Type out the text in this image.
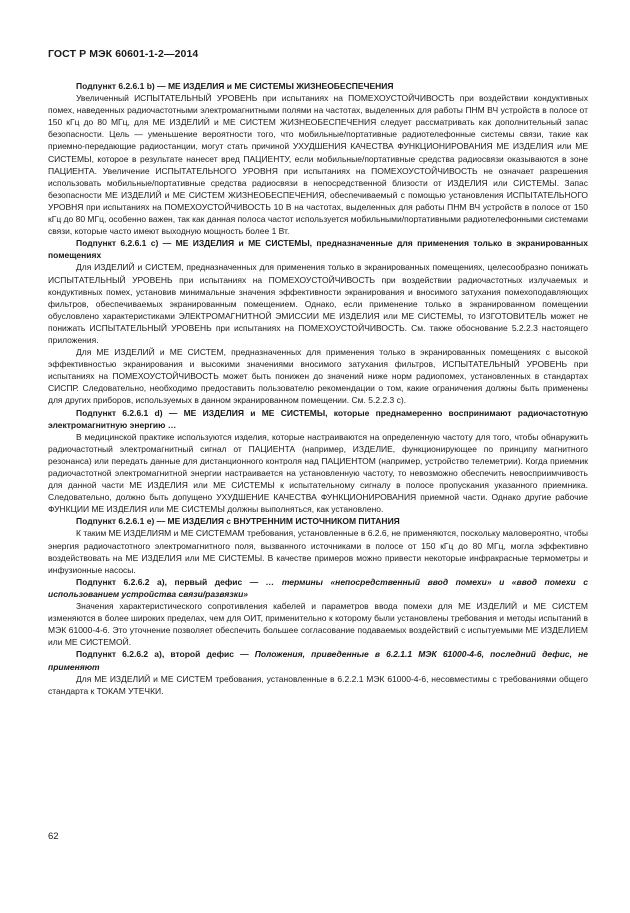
ГОСТ Р МЭК 60601-1-2—2014

Подпункт 6.2.6.1 b) — МЕ ИЗДЕЛИЯ и МЕ СИСТЕМЫ ЖИЗНЕОБЕСПЕЧЕНИЯ

Увеличенный ИСПЫТАТЕЛЬНЫЙ УРОВЕНЬ при испытаниях на ПОМЕХОУСТОЙЧИВОСТЬ при воздействии кондуктивных помех, наведенных радиочастотными электромагнитными полями на частотах, выделенных для работы ПНМ ВЧ устройств в полосе от 150 кГц до 80 МГц, для МЕ ИЗДЕЛИЙ и МЕ СИСТЕМ ЖИЗНЕОБЕСПЕЧЕНИЯ следует рассматривать как дополнительный запас безопасности. Цель — уменьшение вероятности того, что мобильные/портативные радиотелефонные системы связи, такие как приемно-передающие радиостанции, могут стать причиной УХУДШЕНИЯ КАЧЕСТВА ФУНКЦИОНИРОВАНИЯ МЕ ИЗДЕЛИЯ или МЕ СИСТЕМЫ, которое в результате нанесет вред ПАЦИЕНТУ, если мобильные/портативные средства радиосвязи оказываются в зоне ПАЦИЕНТА. Увеличение ИСПЫТАТЕЛЬНОГО УРОВНЯ при испытаниях на ПОМЕХОУСТОЙЧИВОСТЬ не означает разрешения использовать мобильные/портативные средства радиосвязи в непосредственной близости от ИЗДЕЛИЯ или СИСТЕМЫ. Запас безопасности МЕ ИЗДЕЛИЙ и МЕ СИСТЕМ ЖИЗНЕОБЕСПЕЧЕНИЯ, обеспечиваемый с помощью установления ИСПЫТАТЕЛЬНОГО УРОВНЯ при испытаниях на ПОМЕХОУСТОЙЧИВОСТЬ 10 В на частотах, выделенных для работы ПНМ ВЧ устройств в полосе от 150 кГц до 80 МГц, особенно важен, так как данная полоса частот используется мобильными/портативными радиотелефонными системами связи, которые часто имеют выходную мощность более 1 Вт.

Подпункт 6.2.6.1 с) — МЕ ИЗДЕЛИЯ и МЕ СИСТЕМЫ, предназначенные для применения только в экранированных помещениях

Для ИЗДЕЛИЙ и СИСТЕМ, предназначенных для применения только в экранированных помещениях, целесообразно понижать ИСПЫТАТЕЛЬНЫЙ УРОВЕНЬ при испытаниях на ПОМЕХОУСТОЙЧИВОСТЬ при воздействии радиочастотных излучаемых и кондуктивных помех, установив минимальные значения эффективности экранирования и вносимого затухания помехоподавляющих фильтров, обеспечиваемых экранированным помещением. Однако, если применение только в экранированном помещении обусловлено характеристиками ЭЛЕКТРОМАГНИТНОЙ ЭМИССИИ МЕ ИЗДЕЛИЯ или МЕ СИСТЕМЫ, то ИЗГОТОВИТЕЛЬ может не понижать ИСПЫТАТЕЛЬНЫЙ УРОВЕНЬ при испытаниях на ПОМЕХОУСТОЙЧИВОСТЬ. См. также обоснование 5.2.2.3 настоящего приложения.

Для МЕ ИЗДЕЛИЙ и МЕ СИСТЕМ, предназначенных для применения только в экранированных помещениях с высокой эффективностью экранирования и высокими значениями вносимого затухания фильтров, ИСПЫТАТЕЛЬНЫЙ УРОВЕНЬ при испытаниях на ПОМЕХОУСТОЙЧИВОСТЬ может быть понижен до значений ниже норм радиопомех, установленных в стандартах СИСПР. Следовательно, необходимо предоставить пользователю рекомендации о том, какие ограничения должны быть применены для других приборов, используемых в данном экранированном помещении. См. 5.2.2.3 с).

Подпункт 6.2.6.1 d) — МЕ ИЗДЕЛИЯ и МЕ СИСТЕМЫ, которые преднамеренно воспринимают радиочастотную электромагнитную энергию …

В медицинской практике используются изделия, которые настраиваются на определенную частоту для того, чтобы обнаружить радиочастотный электромагнитный сигнал от ПАЦИЕНТА (например, ИЗДЕЛИЕ, функционирующее по принципу магнитного резонанса) или передать данные для дистанционного контроля над ПАЦИЕНТОМ (например, устройство телеметрии). Когда приемник радиочастотной электромагнитной энергии настраивается на установленную частоту, то невозможно обеспечить невосприимчивость для данной части МЕ ИЗДЕЛИЯ или МЕ СИСТЕМЫ к испытательному сигналу в полосе пропускания указанного приемника. Следовательно, должно быть допущено УХУДШЕНИЕ КАЧЕСТВА ФУНКЦИОНИРОВАНИЯ приемной части. Однако другие рабочие ФУНКЦИИ МЕ ИЗДЕЛИЯ или МЕ СИСТЕМЫ должны выполняться, как установлено.

Подпункт 6.2.6.1 е) — МЕ ИЗДЕЛИЯ с ВНУТРЕННИМ ИСТОЧНИКОМ ПИТАНИЯ

К таким МЕ ИЗДЕЛИЯМ и МЕ СИСТЕМАМ требования, установленные в 6.2.6, не применяются, поскольку маловероятно, чтобы энергия радиочастотного электромагнитного поля, вызванного источниками в полосе от 150 кГц до 80 МГц, могла эффективно воздействовать на МЕ ИЗДЕЛИЯ или МЕ СИСТЕМЫ. В качестве примеров можно привести некоторые инфракрасные термометры и инфузионные насосы.

Подпункт 6.2.6.2 а), первый дефис — … термины «непосредственный ввод помехи» и «ввод помехи с использованием устройства связи/развязки»

Значения характеристического сопротивления кабелей и параметров ввода помехи для МЕ ИЗДЕЛИЙ и МЕ СИСТЕМ изменяются в более широких пределах, чем для ОИТ, применительно к которому были установлены требования и методы испытаний в МЭК 61000-4-6. Это уточнение позволяет обеспечить большее согласование подаваемых воздействий с испытуемыми МЕ ИЗДЕЛИЕМ или МЕ СИСТЕМОЙ.

Подпункт 6.2.6.2 а), второй дефис — Положения, приведенные в 6.2.1.1 МЭК 61000-4-6, последний дефис, не применяют

Для МЕ ИЗДЕЛИЙ и МЕ СИСТЕМ требования, установленные в 6.2.2.1 МЭК 61000-4-6, несовместимы с требованиями общего стандарта к ТОКАМ УТЕЧКИ.

62
